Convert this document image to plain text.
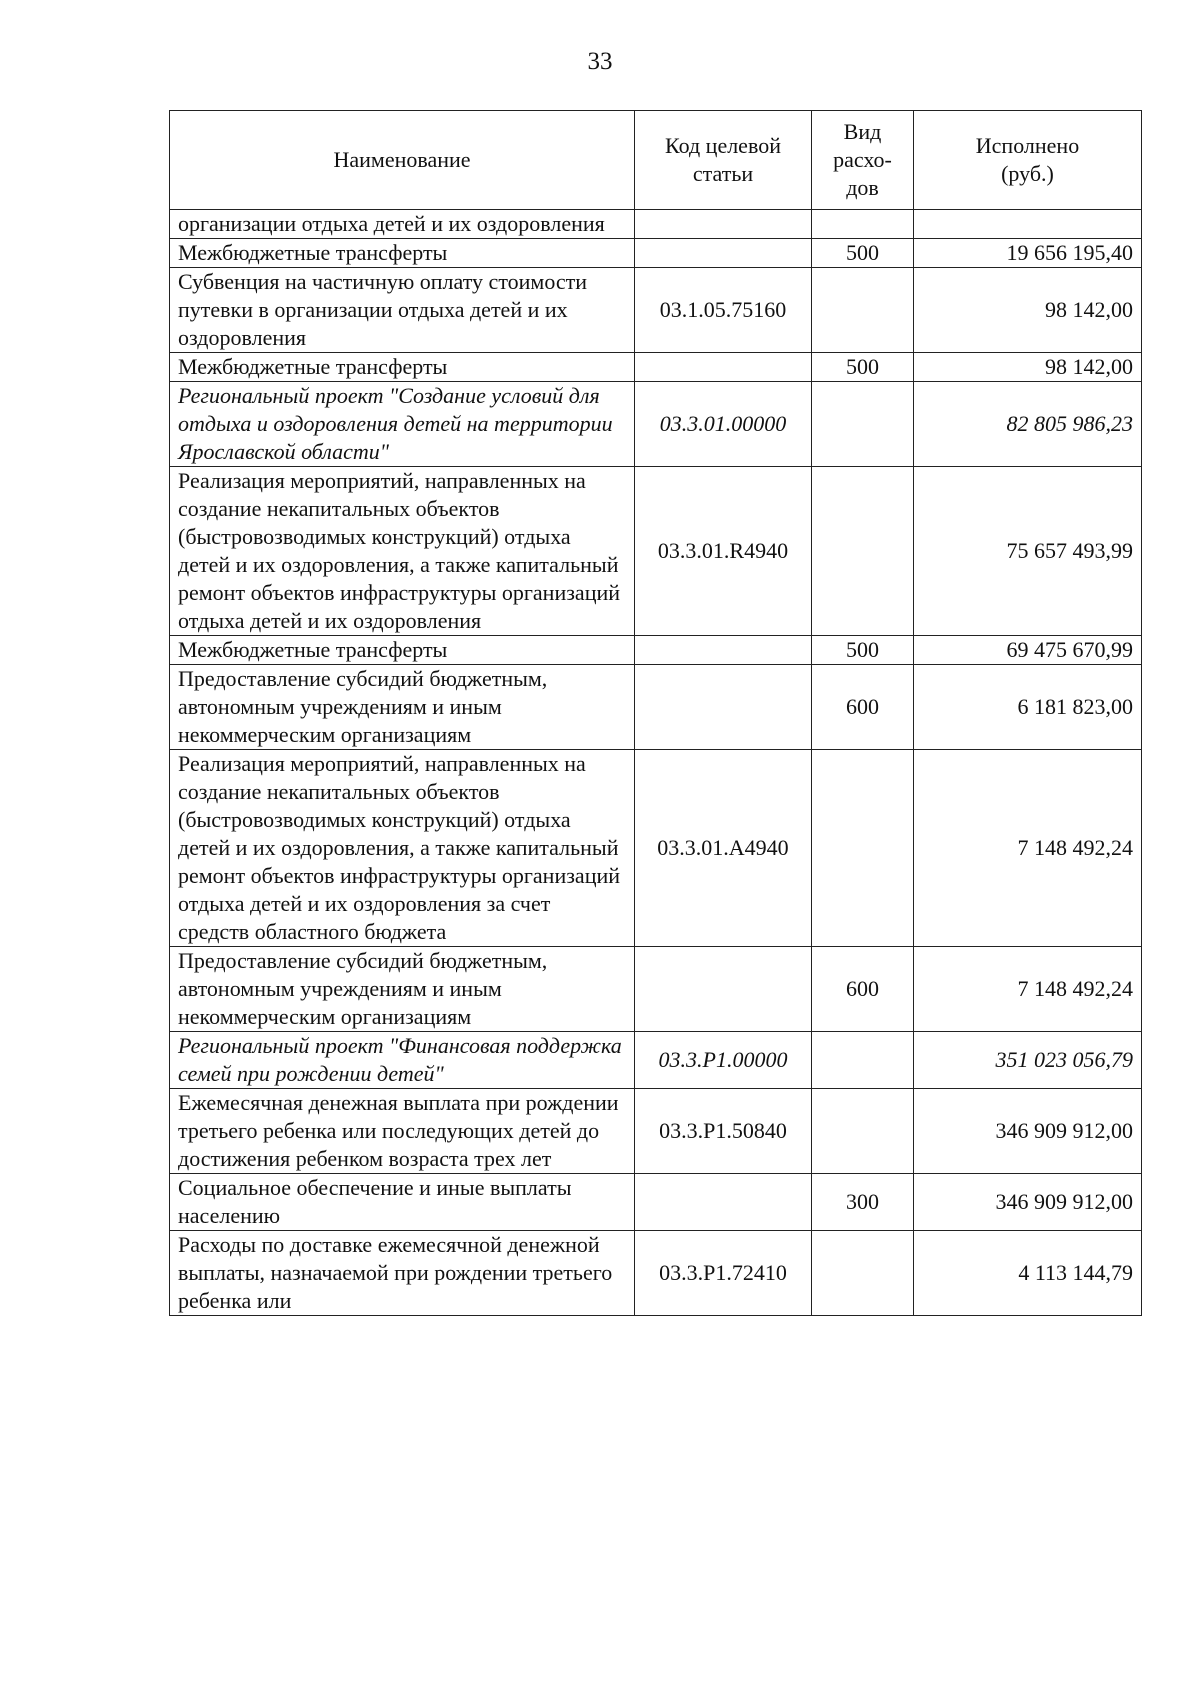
33
Наименование	Код целевой статьи	Вид расхо-дов	Исполнено (руб.)
организации отдыха детей и их оздоровления			
Межбюджетные трансферты		500	19 656 195,40
Субвенция на частичную оплату стоимости путевки в организации отдыха детей и их оздоровления	03.1.05.75160		98 142,00
Межбюджетные трансферты		500	98 142,00
Региональный проект "Создание условий для отдыха и оздоровления детей на территории Ярославской области"	03.3.01.00000		82 805 986,23
Реализация мероприятий, направленных на создание некапитальных объектов (быстровозводимых конструкций) отдыха детей и их оздоровления, а также капитальный ремонт объектов инфраструктуры организаций отдыха детей и их оздоровления	03.3.01.R4940		75 657 493,99
Межбюджетные трансферты		500	69 475 670,99
Предоставление субсидий бюджетным, автономным учреждениям и иным некоммерческим организациям		600	6 181 823,00
Реализация мероприятий, направленных на создание некапитальных объектов (быстровозводимых конструкций) отдыха детей и их оздоровления, а также капитальный ремонт объектов инфраструктуры организаций отдыха детей и их оздоровления за счет средств областного бюджета	03.3.01.А4940		7 148 492,24
Предоставление субсидий бюджетным, автономным учреждениям и иным некоммерческим организациям		600	7 148 492,24
Региональный проект "Финансовая поддержка семей при рождении детей"	03.3.Р1.00000		351 023 056,79
Ежемесячная денежная выплата при рождении третьего ребенка или последующих детей до достижения ребенком возраста трех лет	03.3.Р1.50840		346 909 912,00
Социальное обеспечение и иные выплаты населению		300	346 909 912,00
Расходы по доставке ежемесячной денежной выплаты, назначаемой при рождении третьего ребенка или	03.3.Р1.72410		4 113 144,79
